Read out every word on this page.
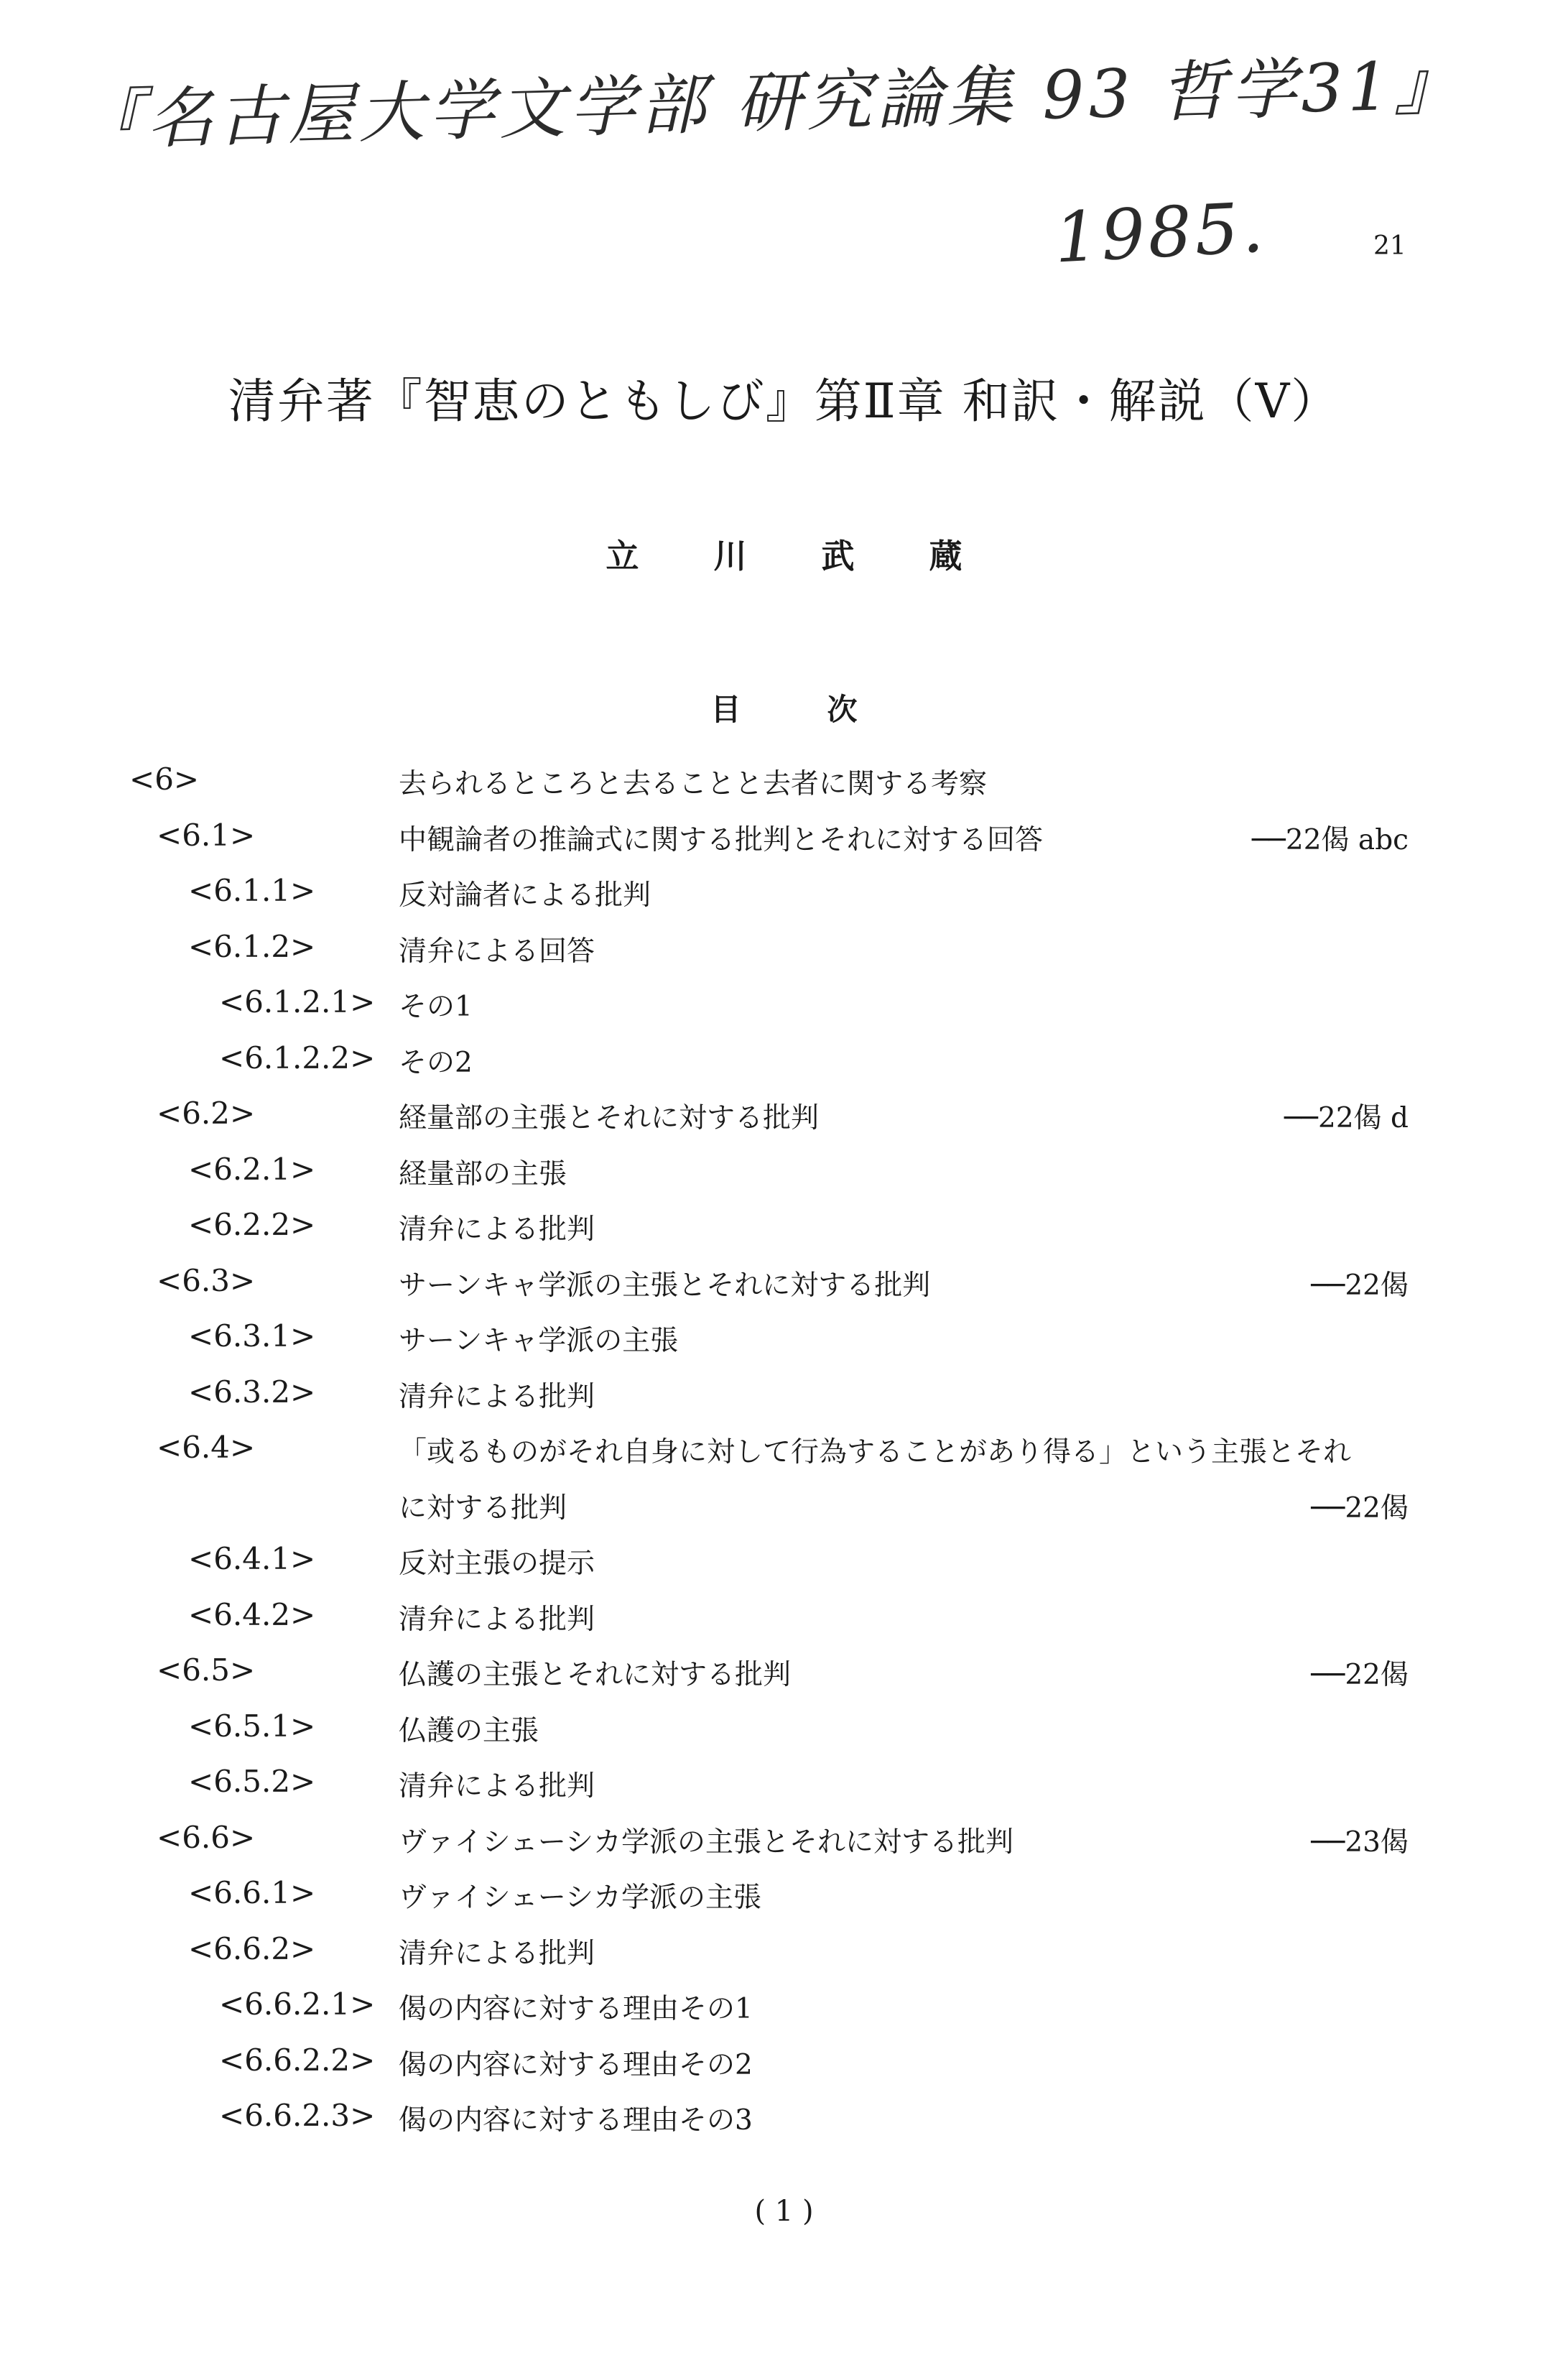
『名古屋大学文学部 研究論集 93 哲学31』
1985.	21
清弁著『智恵のともしび』第Ⅱ章 和訳・解説（Ⅴ）
立川武蔵
目次
<6>	去られるところと去ることと去者に関する考察
<6.1>	中観論者の推論式に関する批判とそれに対する回答	──22偈 abc
<6.1.1>	反対論者による批判
<6.1.2>	清弁による回答
<6.1.2.1> その1
<6.1.2.2> その2
<6.2>	経量部の主張とそれに対する批判	──22偈 d
<6.2.1>	経量部の主張
<6.2.2>	清弁による批判
<6.3>	サーンキャ学派の主張とそれに対する批判	──22偈
<6.3.1>	サーンキャ学派の主張
<6.3.2>	清弁による批判
<6.4>	「或るものがそれ自身に対して行為することがあり得る」という主張とそれ
に対する批判	──22偈
<6.4.1>	反対主張の提示
<6.4.2>	清弁による批判
<6.5>	仏護の主張とそれに対する批判	──22偈
<6.5.1>	仏護の主張
<6.5.2>	清弁による批判
<6.6>	ヴァイシェーシカ学派の主張とそれに対する批判	──23偈
<6.6.1>	ヴァイシェーシカ学派の主張
<6.6.2>	清弁による批判
<6.6.2.1> 偈の内容に対する理由その1
<6.6.2.2> 偈の内容に対する理由その2
<6.6.2.3> 偈の内容に対する理由その3
( 1 )
